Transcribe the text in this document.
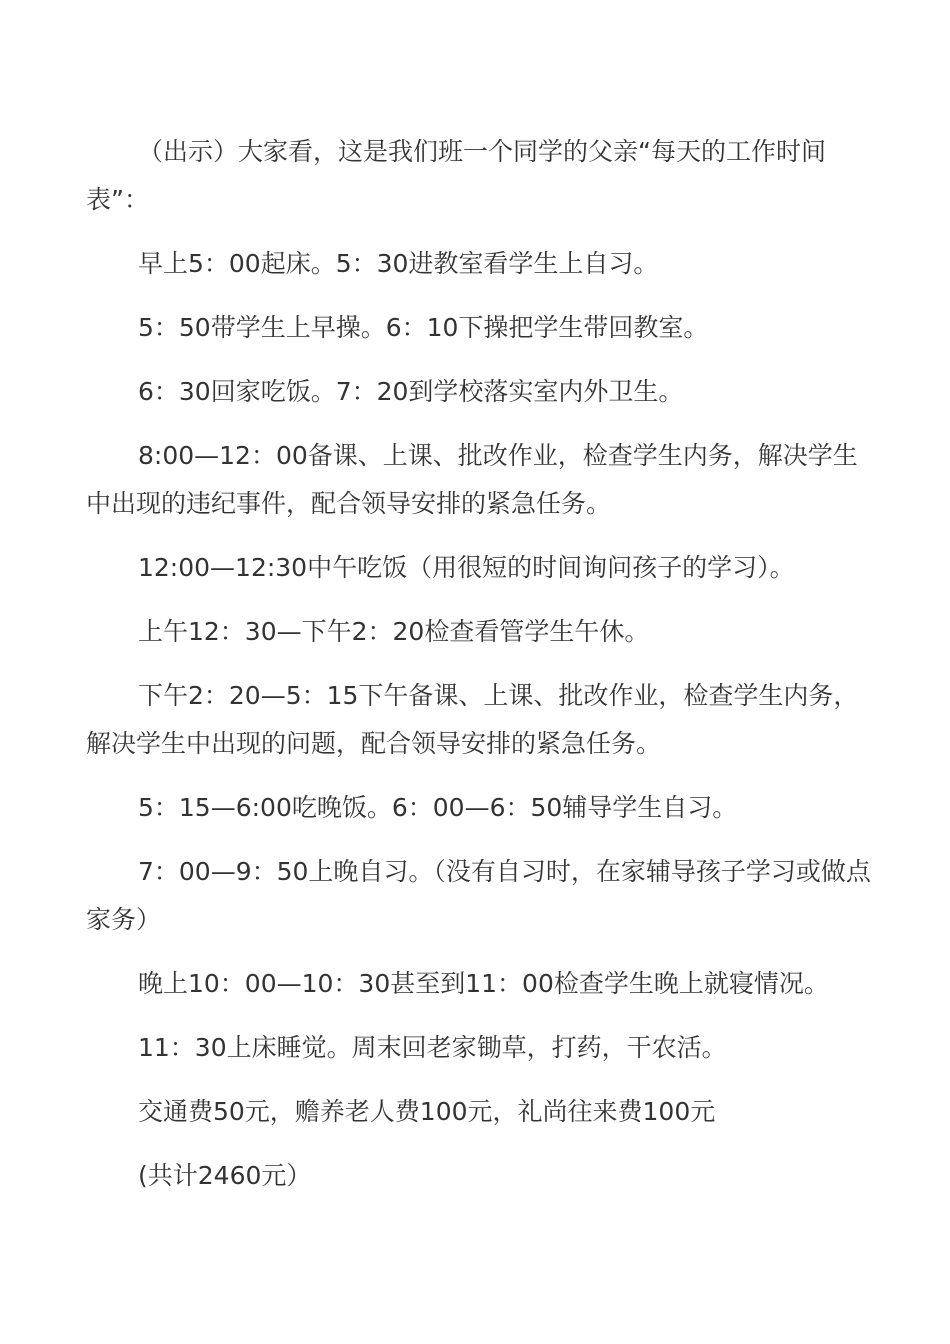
（出示）大家看，这是我们班一个同学的父亲“每天的工作时间表”：

早上5：00起床。5：30进教室看学生上自习。

5：50带学生上早操。6：10下操把学生带回教室。

6：30回家吃饭。7：20到学校落实室内外卫生。

8:00—12：00备课、上课、批改作业，检查学生内务，解决学生中出现的违纪事件，配合领导安排的紧急任务。

12:00—12:30中午吃饭（用很短的时间询问孩子的学习）。

上午12：30—下午2：20检查看管学生午休。

下午2：20—5：15下午备课、上课、批改作业，检查学生内务，解决学生中出现的问题，配合领导安排的紧急任务。

5：15—6:00吃晚饭。6：00—6：50辅导学生自习。

7：00—9：50上晚自习。（没有自习时，在家辅导孩子学习或做点家务）

晚上10：00—10：30甚至到11：00检查学生晚上就寝情况。

11：30上床睡觉。周末回老家锄草，打药，干农活。

交通费50元，赡养老人费100元，礼尚往来费100元

(共计2460元）
